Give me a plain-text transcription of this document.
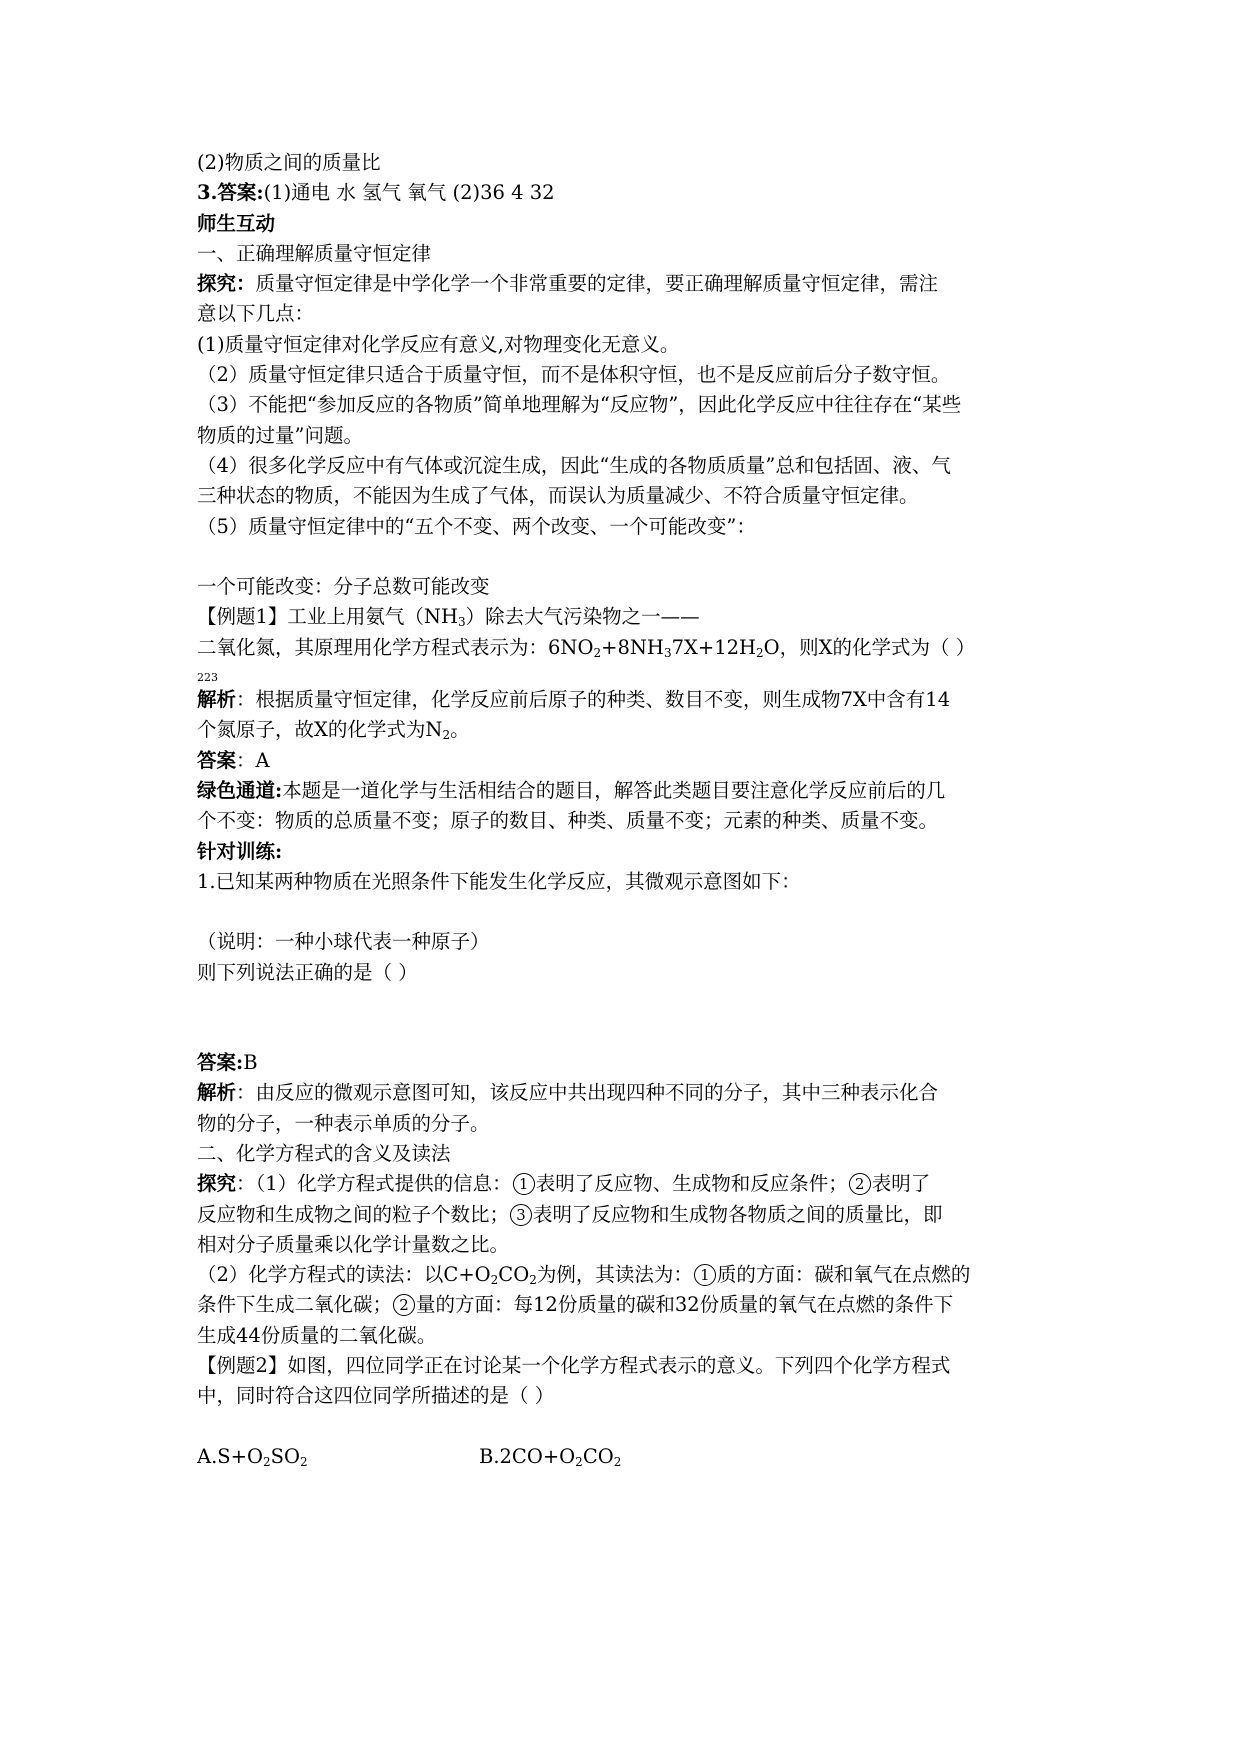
(2)物质之间的质量比
3.答案:(1)通电 水 氢气 氧气 (2)36 4 32
师生互动
一、正确理解质量守恒定律
探究：质量守恒定律是中学化学一个非常重要的定律，要正确理解质量守恒定律，需注
意以下几点：
(1)质量守恒定律对化学反应有意义,对物理变化无意义。
（2）质量守恒定律只适合于质量守恒，而不是体积守恒，也不是反应前后分子数守恒。
（3）不能把“参加反应的各物质”简单地理解为“反应物”，因此化学反应中往往存在“某些
物质的过量”问题。
（4）很多化学反应中有气体或沉淀生成，因此“生成的各物质质量”总和包括固、液、气
三种状态的物质，不能因为生成了气体，而误认为质量减少、不符合质量守恒定律。
（5）质量守恒定律中的“五个不变、两个改变、一个可能改变”：
一个可能改变：分子总数可能改变
【例题1】工业上用氨气$(NH_3)$除去大气污染物之一——
二氧化氮，其原理用化学方程式表示为：$6NO_2+8NH_37X+12H_2O$，则X的化学式为（ ）
223
解析：根据质量守恒定律，化学反应前后原子的种类、数目不变，则生成物7X中含有14
个氮原子，故X的化学式为$N_2$。
答案：A
绿色通道:本题是一道化学与生活相结合的题目，解答此类题目要注意化学反应前后的几
个不变：物质的总质量不变；原子的数目、种类、质量不变；元素的种类、质量不变。
针对训练:
1.已知某两种物质在光照条件下能发生化学反应，其微观示意图如下：
（说明：一种小球代表一种原子）
则下列说法正确的是（ ）
答案:B
解析：由反应的微观示意图可知，该反应中共出现四种不同的分子，其中三种表示化合
物的分子，一种表示单质的分子。
二、化学方程式的含义及读法
探究：（1）化学方程式提供的信息： 1 表明了反应物、生成物和反应条件； 2 表明了
反应物和生成物之间的粒子个数比； 3 表明了反应物和生成物各物质之间的质量比，即
相对分子质量乘以化学计量数之比。
（2）化学方程式的读法：以$C+O_2CO_2$为例，其读法为： 1 质的方面：碳和氧气在点燃的
条件下生成二氧化碳； 2 量的方面：每12份质量的碳和32份质量的氧气在点燃的条件下
生成44份质量的二氧化碳。
【例题2】如图，四位同学正在讨论某一个化学方程式表示的意义。下列四个化学方程式
中，同时符合这四位同学所描述的是（ ）
$A.S+O_2SO_2$	$B.2CO+O_2CO_2$
